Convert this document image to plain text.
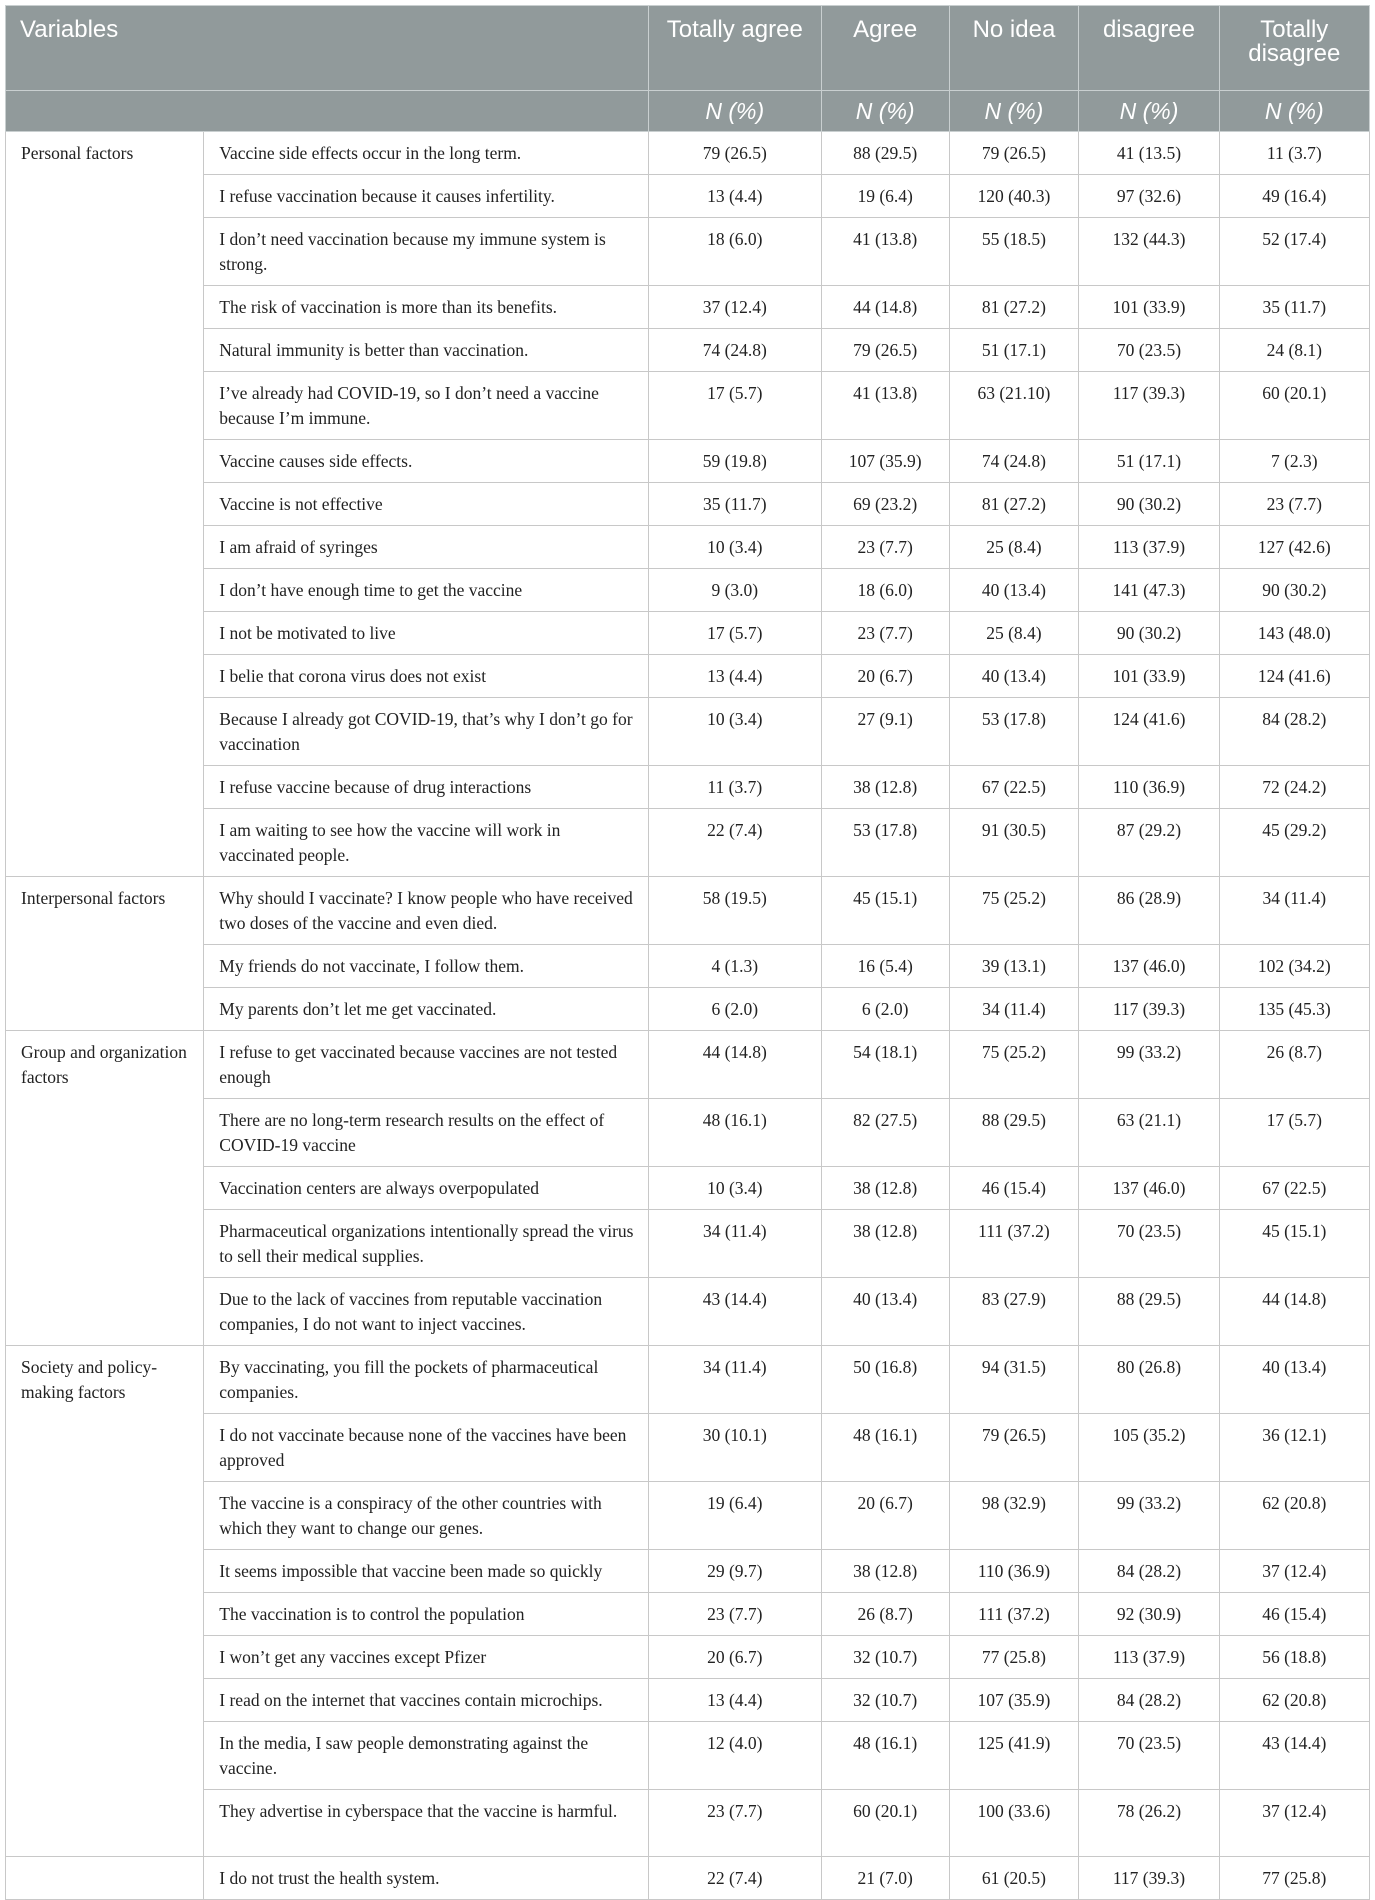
Variables		Totally agree	Agree	No idea	disagree	Totally disagree
		N (%)	N (%)	N (%)	N (%)	N (%)
Personal factors	Vaccine side effects occur in the long term.	79 (26.5)	88 (29.5)	79 (26.5)	41 (13.5)	11 (3.7)
	I refuse vaccination because it causes infertility.	13 (4.4)	19 (6.4)	120 (40.3)	97 (32.6)	49 (16.4)
	I don’t need vaccination because my immune system is strong.	18 (6.0)	41 (13.8)	55 (18.5)	132 (44.3)	52 (17.4)
	The risk of vaccination is more than its benefits.	37 (12.4)	44 (14.8)	81 (27.2)	101 (33.9)	35 (11.7)
	Natural immunity is better than vaccination.	74 (24.8)	79 (26.5)	51 (17.1)	70 (23.5)	24 (8.1)
	I’ve already had COVID-19, so I don’t need a vaccine because I’m immune.	17 (5.7)	41 (13.8)	63 (21.10)	117 (39.3)	60 (20.1)
	Vaccine causes side effects.	59 (19.8)	107 (35.9)	74 (24.8)	51 (17.1)	7 (2.3)
	Vaccine is not effective	35 (11.7)	69 (23.2)	81 (27.2)	90 (30.2)	23 (7.7)
	I am afraid of syringes	10 (3.4)	23 (7.7)	25 (8.4)	113 (37.9)	127 (42.6)
	I don’t have enough time to get the vaccine	9 (3.0)	18 (6.0)	40 (13.4)	141 (47.3)	90 (30.2)
	I not be motivated to live	17 (5.7)	23 (7.7)	25 (8.4)	90 (30.2)	143 (48.0)
	I belie that corona virus does not exist	13 (4.4)	20 (6.7)	40 (13.4)	101 (33.9)	124 (41.6)
	Because I already got COVID-19, that’s why I don’t go for vaccination	10 (3.4)	27 (9.1)	53 (17.8)	124 (41.6)	84 (28.2)
	I refuse vaccine because of drug interactions	11 (3.7)	38 (12.8)	67 (22.5)	110 (36.9)	72 (24.2)
	I am waiting to see how the vaccine will work in vaccinated people.	22 (7.4)	53 (17.8)	91 (30.5)	87 (29.2)	45 (29.2)
Interpersonal factors	Why should I vaccinate? I know people who have received two doses of the vaccine and even died.	58 (19.5)	45 (15.1)	75 (25.2)	86 (28.9)	34 (11.4)
	My friends do not vaccinate, I follow them.	4 (1.3)	16 (5.4)	39 (13.1)	137 (46.0)	102 (34.2)
	My parents don’t let me get vaccinated.	6 (2.0)	6 (2.0)	34 (11.4)	117 (39.3)	135 (45.3)
Group and organization factors	I refuse to get vaccinated because vaccines are not tested enough	44 (14.8)	54 (18.1)	75 (25.2)	99 (33.2)	26 (8.7)
	There are no long-term research results on the effect of COVID-19 vaccine	48 (16.1)	82 (27.5)	88 (29.5)	63 (21.1)	17 (5.7)
	Vaccination centers are always overpopulated	10 (3.4)	38 (12.8)	46 (15.4)	137 (46.0)	67 (22.5)
	Pharmaceutical organizations intentionally spread the virus to sell their medical supplies.	34 (11.4)	38 (12.8)	111 (37.2)	70 (23.5)	45 (15.1)
	Due to the lack of vaccines from reputable vaccination companies, I do not want to inject vaccines.	43 (14.4)	40 (13.4)	83 (27.9)	88 (29.5)	44 (14.8)
Society and policy-making factors	By vaccinating, you fill the pockets of pharmaceutical companies.	34 (11.4)	50 (16.8)	94 (31.5)	80 (26.8)	40 (13.4)
	I do not vaccinate because none of the vaccines have been approved	30 (10.1)	48 (16.1)	79 (26.5)	105 (35.2)	36 (12.1)
	The vaccine is a conspiracy of the other countries with which they want to change our genes.	19 (6.4)	20 (6.7)	98 (32.9)	99 (33.2)	62 (20.8)
	It seems impossible that vaccine been made so quickly	29 (9.7)	38 (12.8)	110 (36.9)	84 (28.2)	37 (12.4)
	The vaccination is to control the population	23 (7.7)	26 (8.7)	111 (37.2)	92 (30.9)	46 (15.4)
	I won’t get any vaccines except Pfizer	20 (6.7)	32 (10.7)	77 (25.8)	113 (37.9)	56 (18.8)
	I read on the internet that vaccines contain microchips.	13 (4.4)	32 (10.7)	107 (35.9)	84 (28.2)	62 (20.8)
	In the media, I saw people demonstrating against the vaccine.	12 (4.0)	48 (16.1)	125 (41.9)	70 (23.5)	43 (14.4)
	They advertise in cyberspace that the vaccine is harmful.	23 (7.7)	60 (20.1)	100 (33.6)	78 (26.2)	37 (12.4)
	I do not trust the health system.	22 (7.4)	21 (7.0)	61 (20.5)	117 (39.3)	77 (25.8)
